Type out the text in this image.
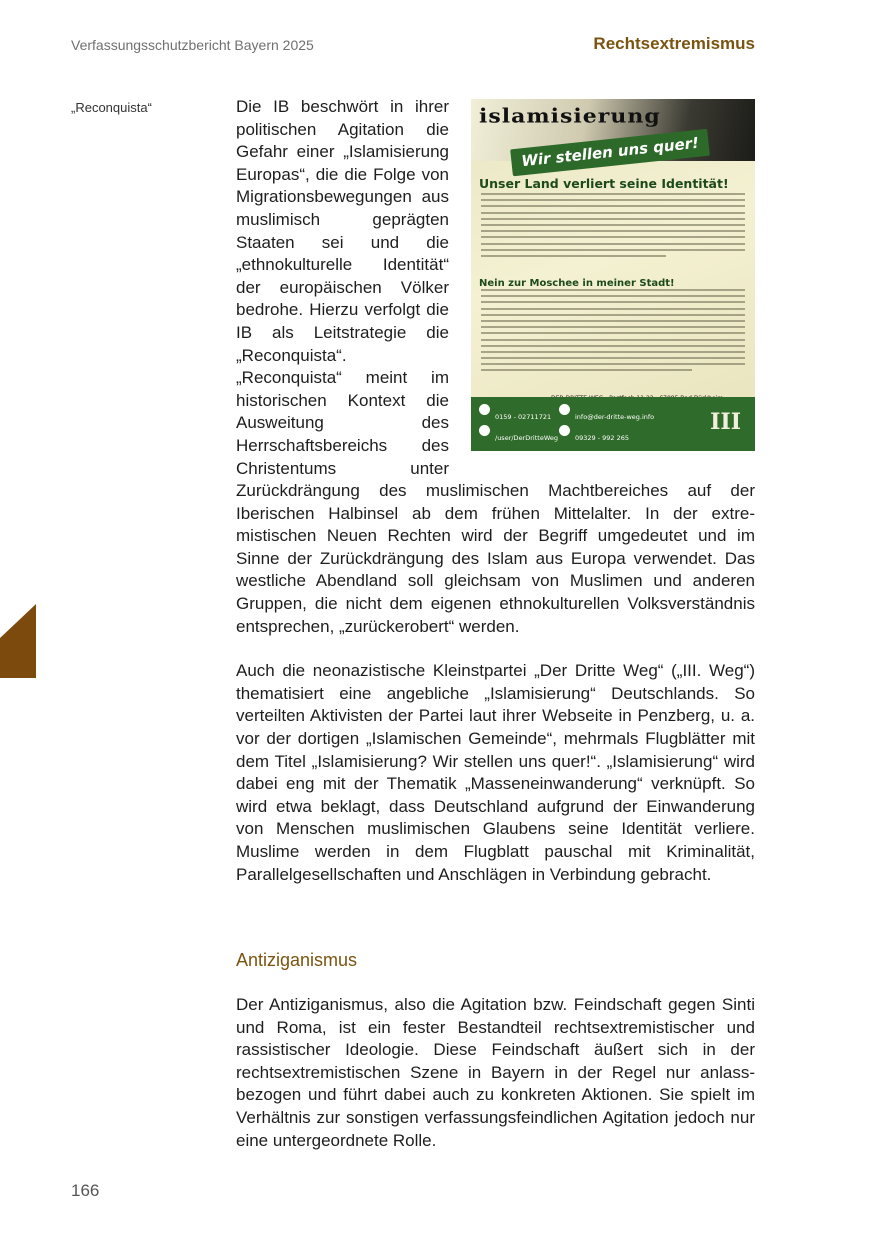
Verfassungsschutzbericht Bayern 2025	Rechtsextremismus
„Reconquista“	islamisierung
Wir stellen uns quer!
Unser Land verliert seine Identität!
Nein zur Moschee in meiner Stadt!
0159 - 02711721	info@der-dritte-weg.info
/user/DerDritteWeg	09329 - 992 265
III

Die IB beschwört in ihrer politischen Agitation die Gefahr einer „Islamisierung Europas“, die die Folge von Migrationsbewegungen aus muslimisch geprägten Staaten sei und die „ethnokulturelle Identität“ der europäischen Völker bedrohe. Hierzu verfolgt die IB als Leitstrategie die „Reconquista“. „Reconquista“ meint im historischen Kontext die Ausweitung des Herrschaftsbereichs des Christentums unter Zurückdrängung des muslimischen Machtbereiches auf der Iberischen Halbinsel ab dem frühen Mittelalter. In der extremistischen Neuen Rechten wird der Begriff umgedeutet und im Sinne der Zurückdrängung des Islam aus Europa verwendet. Das westliche Abendland soll gleichsam von Muslimen und anderen Gruppen, die nicht dem eigenen ethnokulturellen Volksverständnis entsprechen, „zurückerobert“ werden.

Auch die neonazistische Kleinstpartei „Der Dritte Weg“ („III. Weg“) thematisiert eine angebliche „Islamisierung“ Deutschlands. So verteilten Aktivisten der Partei laut ihrer Webseite in Penzberg, u. a. vor der dortigen „Islamischen Gemeinde“, mehrmals Flugblätter mit dem Titel „Islamisierung? Wir stellen uns quer!“. „Islamisierung“ wird dabei eng mit der Thematik „Masseneinwanderung“ verknüpft. So wird etwa beklagt, dass Deutschland aufgrund der Einwanderung von Menschen muslimischen Glaubens seine Identität verliere. Muslime werden in dem Flugblatt pauschal mit Kriminalität, Parallelgesellschaften und Anschlägen in Verbindung gebracht.

Antiziganismus

Der Antiziganismus, also die Agitation bzw. Feindschaft gegen Sinti und Roma, ist ein fester Bestandteil rechtsextremistischer und rassistischer Ideologie. Diese Feindschaft äußert sich in der rechtsextremistischen Szene in Bayern in der Regel nur anlassbezogen und führt dabei auch zu konkreten Aktionen. Sie spielt im Verhältnis zur sonstigen verfassungsfeindlichen Agitation jedoch nur eine untergeordnete Rolle.

166
